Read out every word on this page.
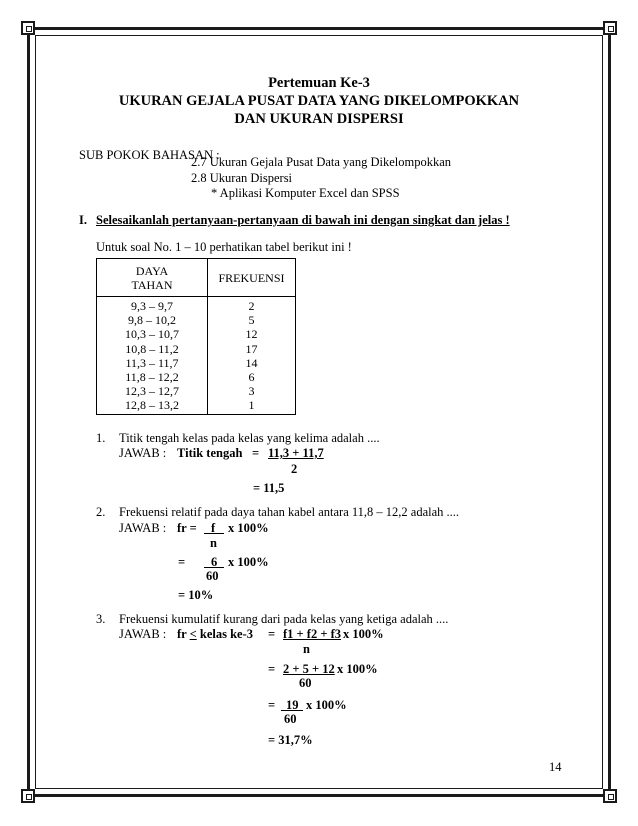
Pertemuan Ke-3
UKURAN GEJALA PUSAT DATA YANG DIKELOMPOKKAN
DAN UKURAN DISPERSI
SUB POKOK BAHASAN :
2.7 Ukuran Gejala Pusat Data yang Dikelompokkan
2.8 Ukuran Dispersi
* Aplikasi Komputer Excel dan SPSS
I. Selesaikanlah pertanyaan-pertanyaan di bawah ini dengan singkat dan jelas !
Untuk soal No. 1 – 10 perhatikan tabel berikut ini !
DAYA
TAHAN	FREKUENSI
9,3 – 9,7	2
9,8 – 10,2	5
10,3 – 10,7	12
10,8 – 11,2	17
11,3 – 11,7	14
11,8 – 12,2	6
12,3 – 12,7	3
12,8 – 13,2	1
1. Titik tengah kelas pada kelas yang kelima adalah ....
JAWAB : Titik tengah = 11,3 + 11,7
2
= 11,5
2. Frekuensi relatif pada daya tahan kabel antara 11,8 – 12,2 adalah ....
JAWAB : fr = f x 100%
n
= 6 x 100%
60
= 10%
3. Frekuensi kumulatif kurang dari pada kelas yang ketiga adalah ....
JAWAB : fr < kelas ke-3 = f1 + f2 + f3 x 100%
n
= 2 + 5 + 12 x 100%
60
= 19 x 100%
60
= 31,7%
14
